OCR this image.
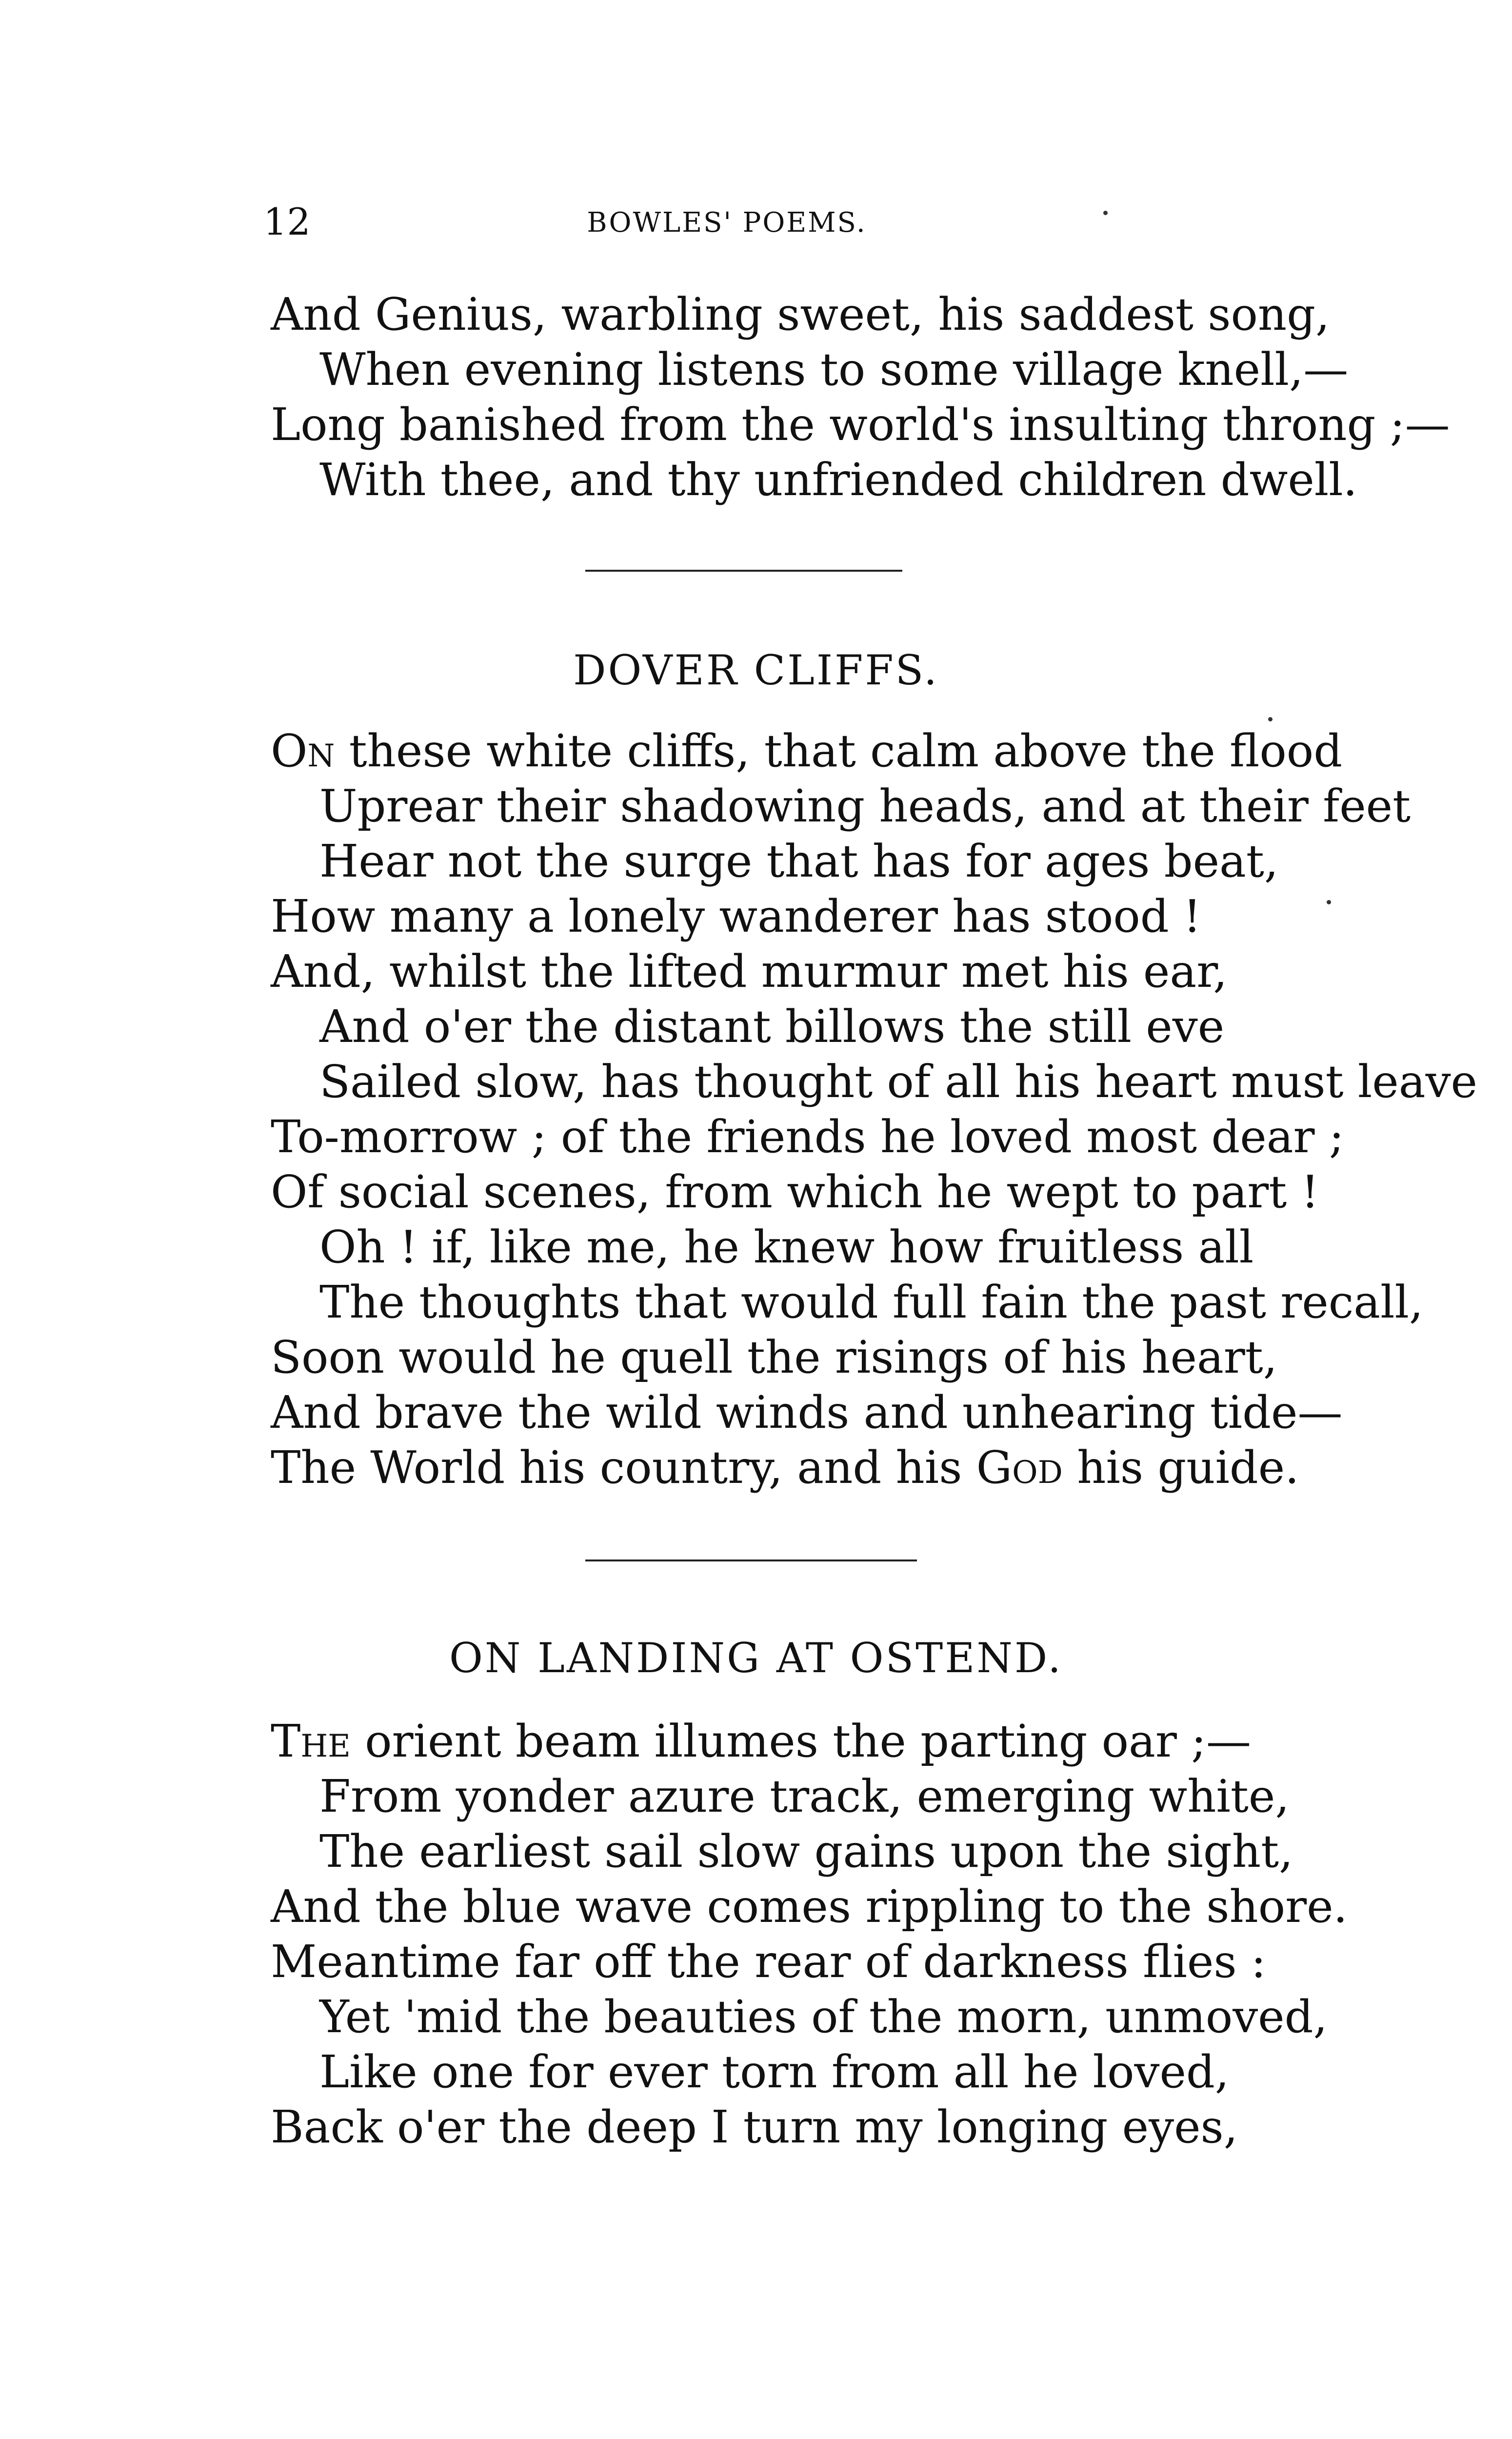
12	BOWLES' POEMS.
And Genius, warbling sweet, his saddest song,
When evening listens to some village knell,—
Long banished from the world's insulting throng ;—
With thee, and thy unfriended children dwell.
DOVER CLIFFS.
On these white cliffs, that calm above the flood
Uprear their shadowing heads, and at their feet
Hear not the surge that has for ages beat,
How many a lonely wanderer has stood !
And, whilst the lifted murmur met his ear,
And o'er the distant billows the still eve
Sailed slow, has thought of all his heart must leave
To-morrow ; of the friends he loved most dear ;
Of social scenes, from which he wept to part !
Oh ! if, like me, he knew how fruitless all
The thoughts that would full fain the past recall,
Soon would he quell the risings of his heart,
And brave the wild winds and unhearing tide—
The World his country, and his God his guide.
ON LANDING AT OSTEND.
The orient beam illumes the parting oar ;—
From yonder azure track, emerging white,
The earliest sail slow gains upon the sight,
And the blue wave comes rippling to the shore.
Meantime far off the rear of darkness flies :
Yet 'mid the beauties of the morn, unmoved,
Like one for ever torn from all he loved,
Back o'er the deep I turn my longing eyes,
